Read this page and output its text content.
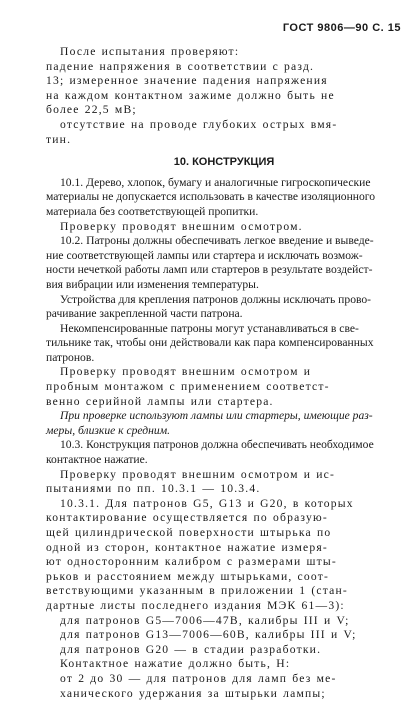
ГОСТ 9806—90 С. 15
После испытания проверяют:
падение напряжения в соответствии с разд.
13; измеренное значение падения напряжения
на каждом контактном зажиме должно быть не
более 22,5 мВ;
отсутствие на проводе глубоких острых вмя-
тин.
10. КОНСТРУКЦИЯ
10.1. Дерево, хлопок, бумагу и аналогичные гигроскопические
материалы не допускается использовать в качестве изоляционного
материала без соответствующей пропитки.
Проверку проводят внешним осмотром.
10.2. Патроны должны обеспечивать легкое введение и выведе-
ние соответствующей лампы или стартера и исключать возмож-
ности нечеткой работы ламп или стартеров в результате воздейст-
вия вибрации или изменения температуры.
Устройства для крепления патронов должны исключать прово-
рачивание закрепленной части патрона.
Некомпенсированные патроны могут устанавливаться в све-
тильнике так, чтобы они действовали как пара компенсированных
патронов.
Проверку проводят внешним осмотром и
пробным монтажом с применением соответст-
венно серийной лампы или стартера.
При проверке используют лампы или стартеры, имеющие раз-
меры, близкие к средним.
10.3. Конструкция патронов должна обеспечивать необходимое
контактное нажатие.
Проверку проводят внешним осмотром и ис-
пытаниями по пп. 10.3.1 — 10.3.4.
10.3.1. Для патронов G5, G13 и G20, в которых
контактирование осуществляется по образую-
щей цилиндрической поверхности штырька по
одной из сторон, контактное нажатие измеря-
ют односторонним калибром с размерами шты-
рьков и расстоянием между штырьками, соот-
ветствующими указанным в приложении 1 (стан-
дартные листы последнего издания МЭК 61—3):
для патронов G5—7006—47В, калибры III и V;
для патронов G13—7006—60В, калибры III и V;
для патронов G20 — в стадии разработки.
Контактное нажатие должно быть, Н:
от 2 до 30 — для патронов для ламп без ме-
ханического удержания за штырьки лампы;
